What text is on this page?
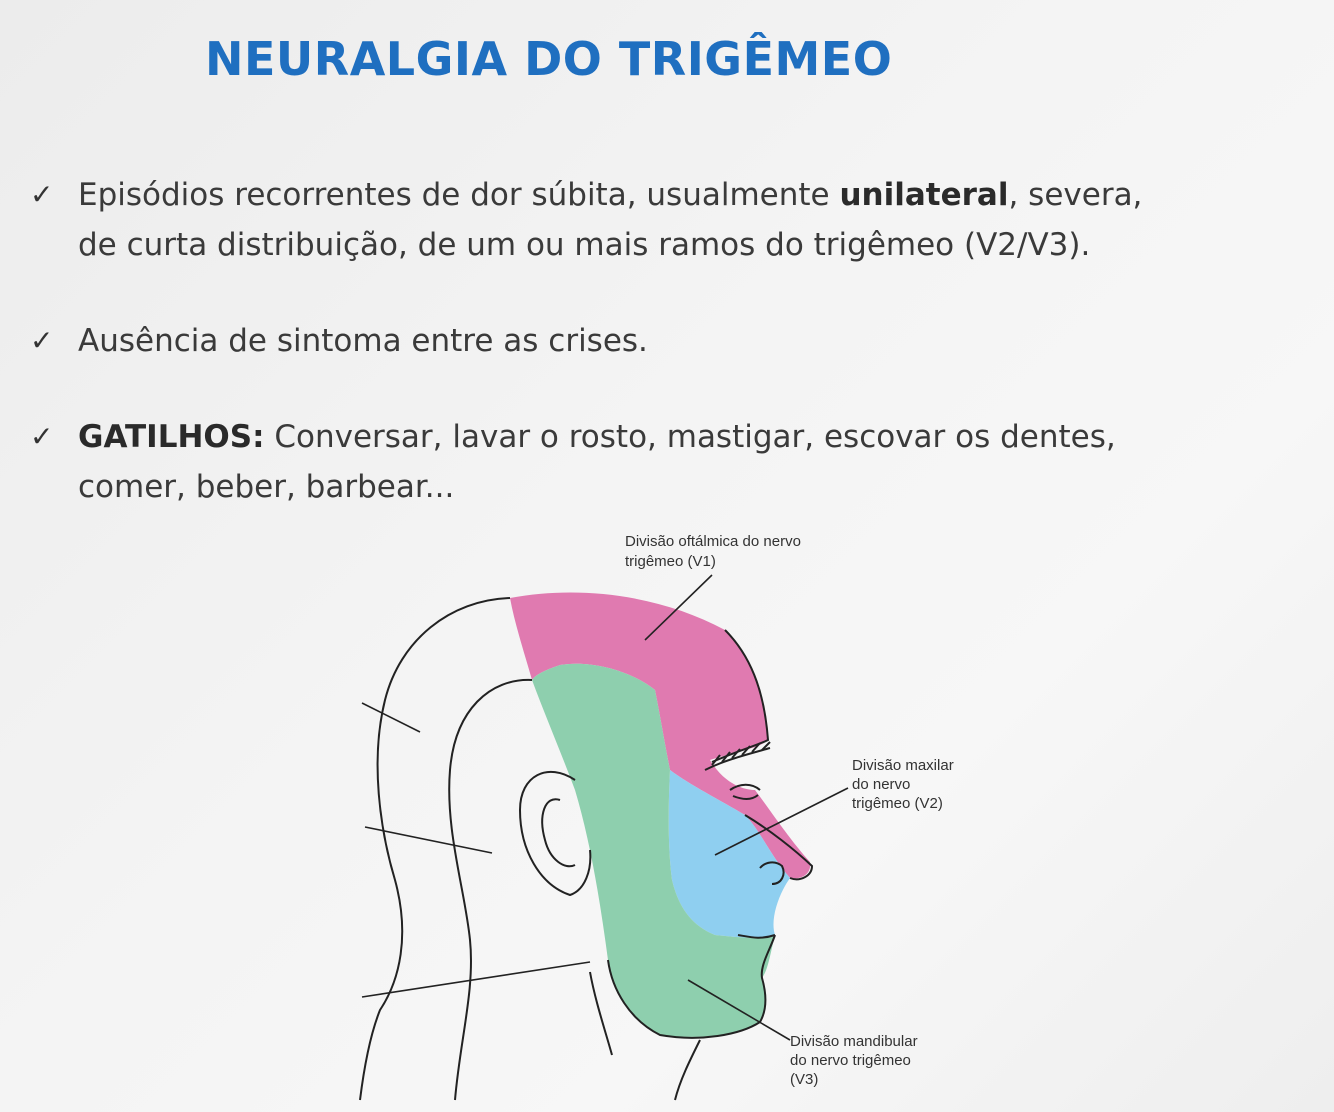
NEURALGIA DO TRIGÊMEO
✓ Episódios recorrentes de dor súbita, usualmente unilateral, severa,
de curta distribuição, de um ou mais ramos do trigêmeo (V2/V3).
✓ Ausência de sintoma entre as crises.
✓ GATILHOS: Conversar, lavar o rosto, mastigar, escovar os dentes,
comer, beber, barbear...
Divisão oftálmica do nervo
trigêmeo (V1)
Divisão maxilar
do nervo
trigêmeo (V2)
Divisão mandibular
do nervo trigêmeo
(V3)
